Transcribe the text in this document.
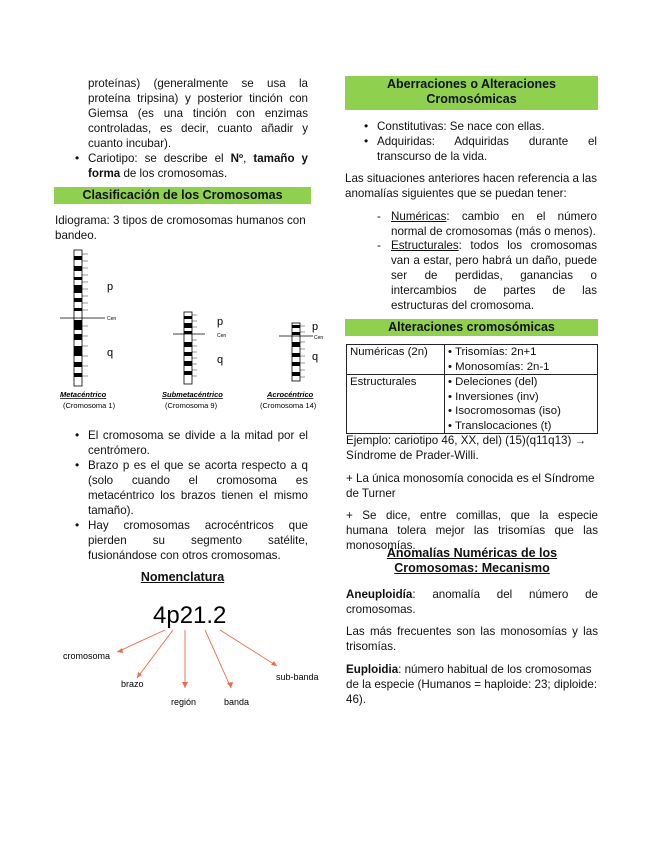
proteínas) (generalmente se usa la
proteína tripsina) y posterior tinción con
Giemsa (es una tinción con enzimas
controladas, es decir, cuanto añadir y
cuanto incubar).
• Cariotipo: se describe el Nº, tamaño y forma de los cromosomas.
Clasificación de los Cromosomas
Idiograma: 3 tipos de cromosomas humanos con bandeo.
p
Cen
q
Metacéntrico
(Cromosoma 1)
p
Cen
q
Submetacéntrico
(Cromosoma 9)
p
Cen
q
Acrocéntrico
(Cromosoma 14)
• El cromosoma se divide a la mitad por el centrómero.
• Brazo p es el que se acorta respecto a q (solo cuando el cromosoma es metacéntrico los brazos tienen el mismo tamaño).
• Hay cromosomas acrocéntricos que pierden su segmento satélite, fusionándose con otros cromosomas.
Nomenclatura
4p21.2
cromosoma
brazo
región	banda
sub-banda
Aberraciones o Alteraciones
Cromosómicas
• Constitutivas: Se nace con ellas.
• Adquiridas: Adquiridas durante el transcurso de la vida.
Las situaciones anteriores hacen referencia a las anomalías siguientes que se puedan tener:
- Numéricas: cambio en el número normal de cromosomas (más o menos).
- Estructurales: todos los cromosomas van a estar, pero habrá un daño, puede ser de perdidas, ganancias o intercambios de partes de las estructuras del cromosoma.
Alteraciones cromosómicas
Numéricas (2n)	• Trisomías: 2n+1
• Monosomías: 2n-1

Estructurales	• Deleciones (del)
• Inversiones (inv)
• Isocromosomas (iso)
• Translocaciones (t)
Ejemplo: cariotipo 46, XX, del) (15)(q11q13) → Síndrome de Prader-Willi.
+ La única monosomía conocida es el Síndrome de Turner
+ Se dice, entre comillas, que la especie humana tolera mejor las trisomías que las monosomías.
Anomalías Numéricas de los
Cromosomas: Mecanismo
Aneuploidía: anomalía del número de cromosomas.
Las más frecuentes son las monosomías y las trisomías.
Euploidia: número habitual de los cromosomas de la especie (Humanos = haploide: 23; diploide: 46).
